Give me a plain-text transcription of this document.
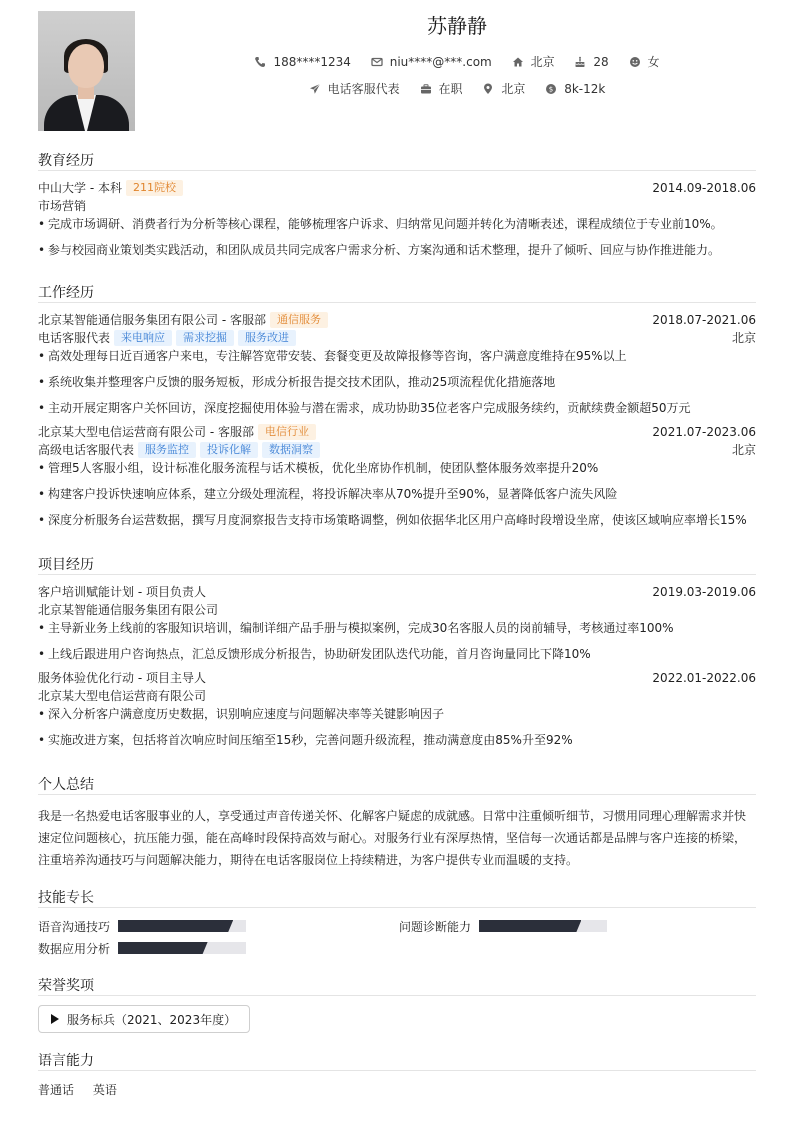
苏静静
188****1234
	niu****@***.com
	北京
	28
	女
电话客服代表
	在职
	北京
	$ 8k-12k
教育经历
中山大学 - 本科 211院校	2014.09-2018.06
市场营销
• 完成市场调研、消费者行为分析等核心课程，能够梳理客户诉求、归纳常见问题并转化为清晰表述，课程成绩位于专业前10%。
• 参与校园商业策划类实践活动，和团队成员共同完成客户需求分析、方案沟通和话术整理，提升了倾听、回应与协作推进能力。
工作经历
北京某智能通信服务集团有限公司 - 客服部 通信服务	2018.07-2021.06
电话客服代表 来电响应 需求挖掘 服务改进	北京
• 高效处理每日近百通客户来电，专注解答宽带安装、套餐变更及故障报修等咨询，客户满意度维持在95%以上
• 系统收集并整理客户反馈的服务短板，形成分析报告提交技术团队，推动25项流程优化措施落地
• 主动开展定期客户关怀回访，深度挖掘使用体验与潜在需求，成功协助35位老客户完成服务续约，贡献续费金额超50万元
北京某大型电信运营商有限公司 - 客服部 电信行业	2021.07-2023.06
高级电话客服代表 服务监控 投诉化解 数据洞察	北京
• 管理5人客服小组，设计标准化服务流程与话术模板，优化坐席协作机制，使团队整体服务效率提升20%
• 构建客户投诉快速响应体系，建立分级处理流程，将投诉解决率从70%提升至90%，显著降低客户流失风险
• 深度分析服务台运营数据，撰写月度洞察报告支持市场策略调整，例如依据华北区用户高峰时段增设坐席，使该区域响应率增长15%
项目经历
客户培训赋能计划 - 项目负责人	2019.03-2019.06
北京某智能通信服务集团有限公司
• 主导新业务上线前的客服知识培训，编制详细产品手册与模拟案例，完成30名客服人员的岗前辅导，考核通过率100%
• 上线后跟进用户咨询热点，汇总反馈形成分析报告，协助研发团队迭代功能，首月咨询量同比下降10%
服务体验优化行动 - 项目主导人	2022.01-2022.06
北京某大型电信运营商有限公司
• 深入分析客户满意度历史数据，识别响应速度与问题解决率等关键影响因子
• 实施改进方案，包括将首次响应时间压缩至15秒，完善问题升级流程，推动满意度由85%升至92%
个人总结
我是一名热爱电话客服事业的人，享受通过声音传递关怀、化解客户疑虑的成就感。日常中注重倾听细节，习惯用同理心理解需求并快
速定位问题核心，抗压能力强，能在高峰时段保持高效与耐心。对服务行业有深厚热情，坚信每一次通话都是品牌与客户连接的桥梁，
注重培养沟通技巧与问题解决能力，期待在电话客服岗位上持续精进，为客户提供专业而温暖的支持。
技能专长
语音沟通技巧	问题诊断能力
数据应用分析
荣誉奖项
服务标兵（2021、2023年度）
语言能力
普通话 英语
